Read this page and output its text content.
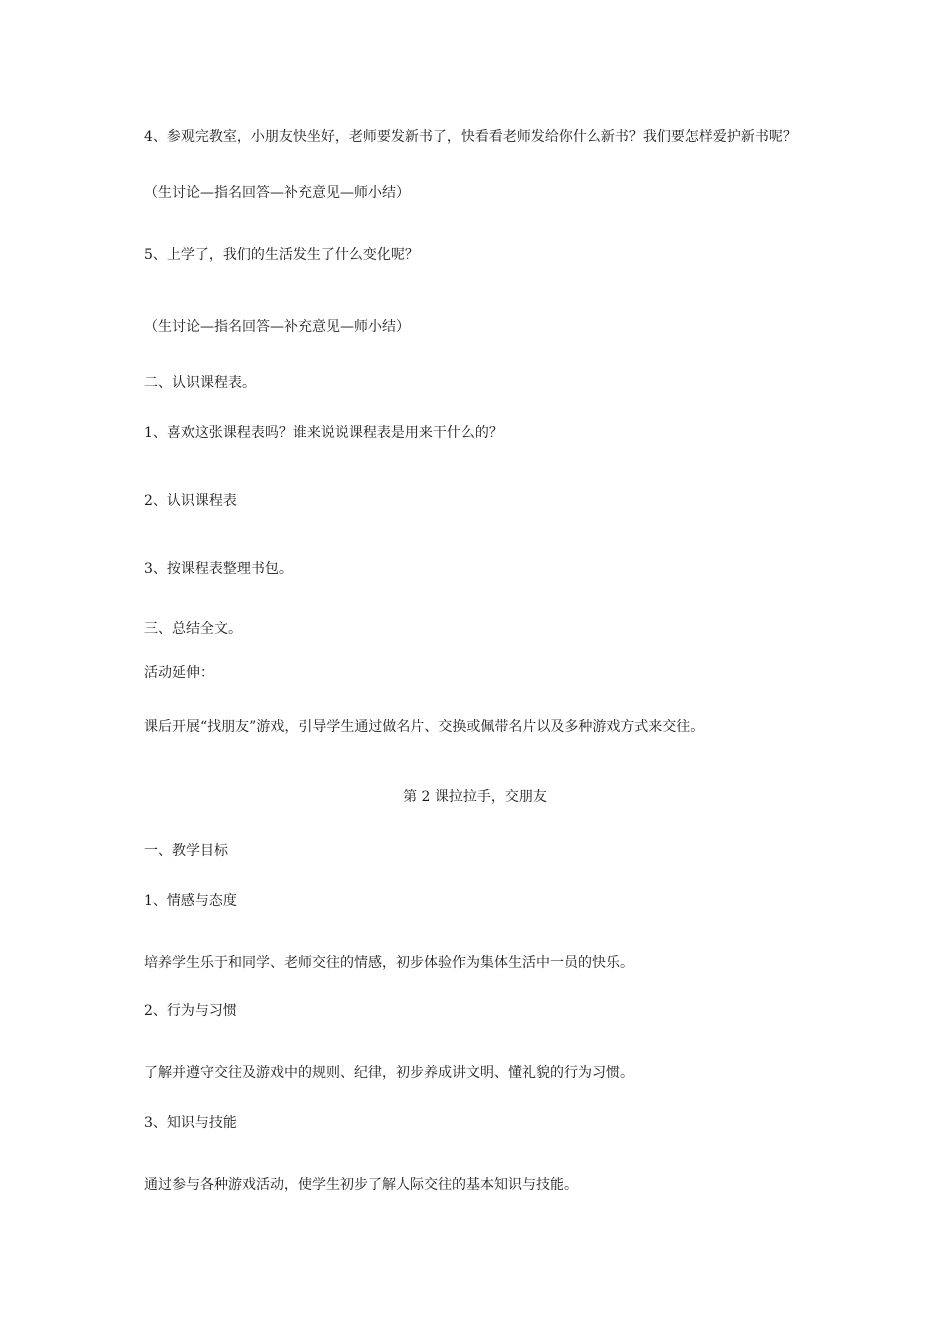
4、参观完教室，小朋友快坐好，老师要发新书了，快看看老师发给你什么新书？我们要怎样爱护新书呢？
（生讨论—指名回答—补充意见—师小结）
5、上学了，我们的生活发生了什么变化呢？
（生讨论—指名回答—补充意见—师小结）
二、认识课程表。
1、喜欢这张课程表吗？谁来说说课程表是用来干什么的？
2、认识课程表
3、按课程表整理书包。
三、总结全文。
活动延伸：
课后开展“找朋友”游戏，引导学生通过做名片、交换或佩带名片以及多种游戏方式来交往。
第 2 课拉拉手，交朋友
一、教学目标
1、情感与态度
培养学生乐于和同学、老师交往的情感，初步体验作为集体生活中一员的快乐。
2、行为与习惯
了解并遵守交往及游戏中的规则、纪律，初步养成讲文明、懂礼貌的行为习惯。
3、知识与技能
通过参与各种游戏活动，使学生初步了解人际交往的基本知识与技能。
